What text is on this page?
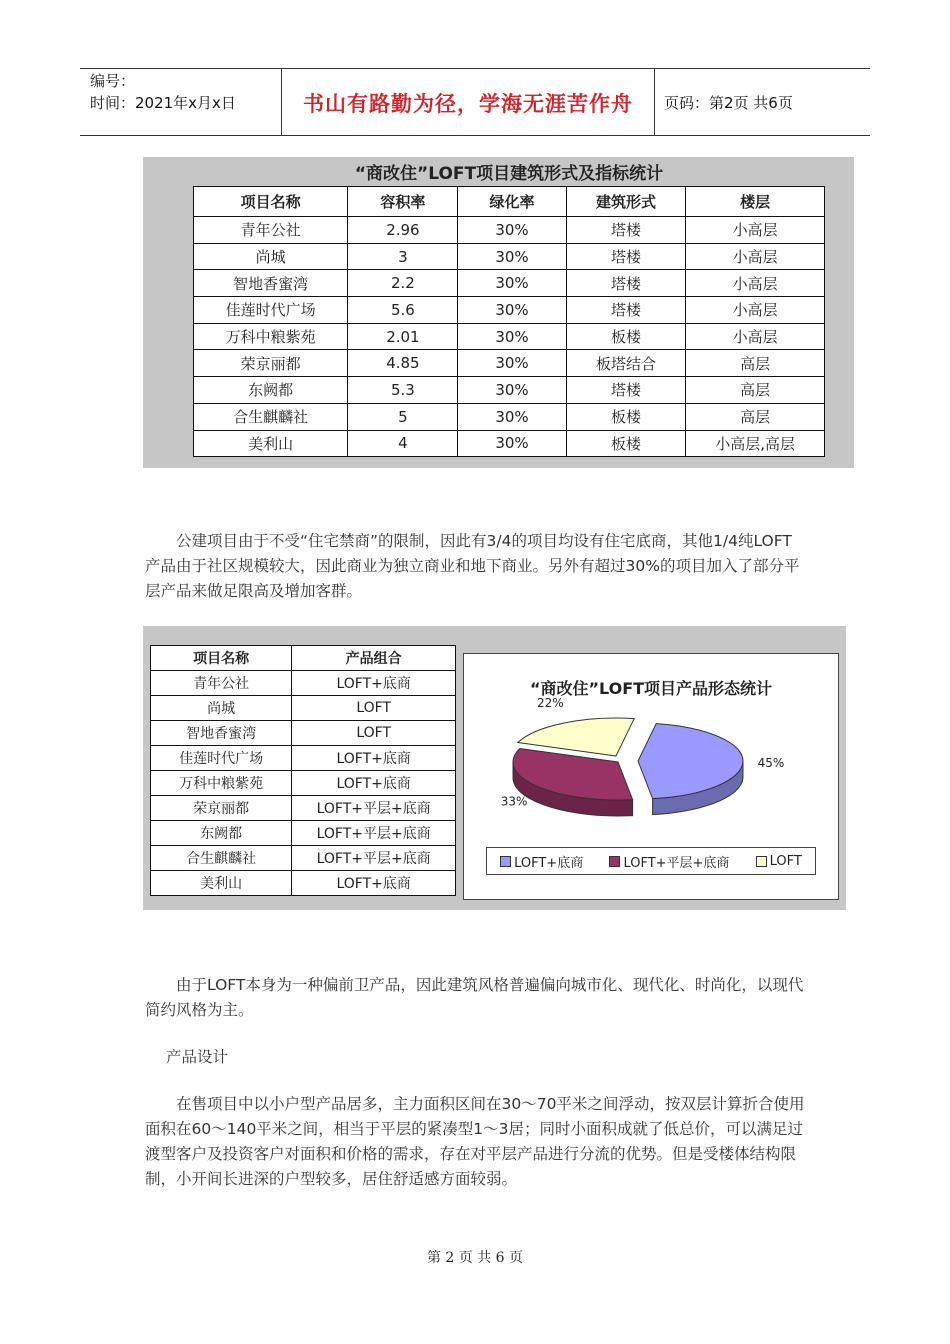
编号：
时间：2021年x月x日	书山有路勤为径，学海无涯苦作舟	页码：第2页 共6页
“商改住”LOFT项目建筑形式及指标统计
项目名称	容积率	绿化率	建筑形式	楼层
青年公社	2.96	30%	塔楼	小高层
尚城	3	30%	塔楼	小高层
智地香蜜湾	2.2	30%	塔楼	小高层
佳莲时代广场	5.6	30%	塔楼	小高层
万科中粮紫苑	2.01	30%	板楼	小高层
荣京丽都	4.85	30%	板塔结合	高层
东阙都	5.3	30%	塔楼	高层
合生麒麟社	5	30%	板楼	高层
美利山	4	30%	板楼	小高层,高层
公建项目由于不受“住宅禁商”的限制，因此有3/4的项目均设有住宅底商，其他1/4纯LOFT产品由于社区规模较大，因此商业为独立商业和地下商业。另外有超过30%的项目加入了部分平层产品来做足限高及增加客群。
项目名称	产品组合
青年公社	LOFT+底商
尚城	LOFT
智地香蜜湾	LOFT
佳莲时代广场	LOFT+底商
万科中粮紫苑	LOFT+底商
荣京丽都	LOFT+平层+底商
东阙都	LOFT+平层+底商
合生麒麟社	LOFT+平层+底商
美利山	LOFT+底商
“商改住”LOFT项目产品形态统计
45%
33%
22%
LOFT+底商	LOFT+平层+底商	LOFT
由于LOFT本身为一种偏前卫产品，因此建筑风格普遍偏向城市化、现代化、时尚化，以现代简约风格为主。
产品设计
在售项目中以小户型产品居多，主力面积区间在30～70平米之间浮动，按双层计算折合使用面积在60～140平米之间，相当于平层的紧凑型1～3居；同时小面积成就了低总价，可以满足过渡型客户及投资客户对面积和价格的需求，存在对平层产品进行分流的优势。但是受楼体结构限制，小开间长进深的户型较多，居住舒适感方面较弱。
第 2 页 共 6 页
